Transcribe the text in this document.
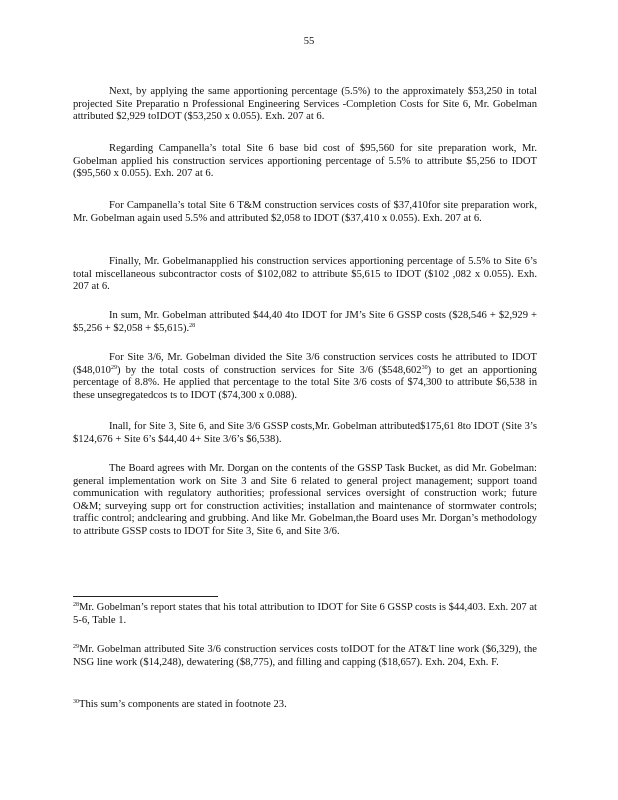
55

Next, by applying the same apportioning percentage (5.5%) to the approximately $53,250 in total projected Site Preparatio n Professional Engineering Services -Completion Costs for Site 6, Mr. Gobelman attributed $2,929 toIDOT ($53,250 x 0.055). Exh. 207 at 6.

Regarding Campanella’s total Site 6 base bid cost of $95,560 for site preparation work, Mr. Gobelman applied his construction services apportioning percentage of 5.5% to attribute $5,256 to IDOT ($95,560 x 0.055). Exh. 207 at 6.

For Campanella’s total Site 6 T&M construction services costs of $37,410for site preparation work, Mr. Gobelman again used 5.5% and attributed $2,058 to IDOT ($37,410 x 0.055). Exh. 207 at 6.

Finally, Mr. Gobelmanapplied his construction services apportioning percentage of 5.5% to Site 6’s total miscellaneous subcontractor costs of $102,082 to attribute $5,615 to IDOT ($102 ,082 x 0.055). Exh. 207 at 6.

In sum, Mr. Gobelman attributed $44,40 4to IDOT for JM’s Site 6 GSSP costs ($28,546 + $2,929 + $5,256 + $2,058 + $5,615).$^{28}$

For Site 3/6, Mr. Gobelman divided the Site 3/6 construction services costs he attributed to IDOT ($48,010$^{29}$) by the total costs of construction services for Site 3/6 ($548,602$^{30}$) to get an apportioning percentage of 8.8%. He applied that percentage to the total Site 3/6 costs of $74,300 to attribute $6,538 in these unsegregatedcos ts to IDOT ($74,300 x 0.088).

Inall, for Site 3, Site 6, and Site 3/6 GSSP costs,Mr. Gobelman attributed$175,61 8to IDOT (Site 3’s $124,676 + Site 6’s $44,40 4+ Site 3/6’s $6,538).

The Board agrees with Mr. Dorgan on the contents of the GSSP Task Bucket, as did Mr. Gobelman: general implementation work on Site 3 and Site 6 related to general project management; support toand communication with regulatory authorities; professional services oversight of construction work; future O&M; surveying supp ort for construction activities; installation and maintenance of stormwater controls; traffic control; andclearing and grubbing. And like Mr. Gobelman,the Board uses Mr. Dorgan’s methodology to attribute GSSP costs to IDOT for Site 3, Site 6, and Site 3/6.

$^{28}$Mr. Gobelman’s report states that his total attribution to IDOT for Site 6 GSSP costs is $44,403. Exh. 207 at 5-6, Table 1.

$^{29}$Mr. Gobelman attributed Site 3/6 construction services costs toIDOT for the AT&T line work ($6,329), the NSG line work ($14,248), dewatering ($8,775), and filling and capping ($18,657). Exh. 204, Exh. F.

$^{30}$This sum’s components are stated in footnote 23.
